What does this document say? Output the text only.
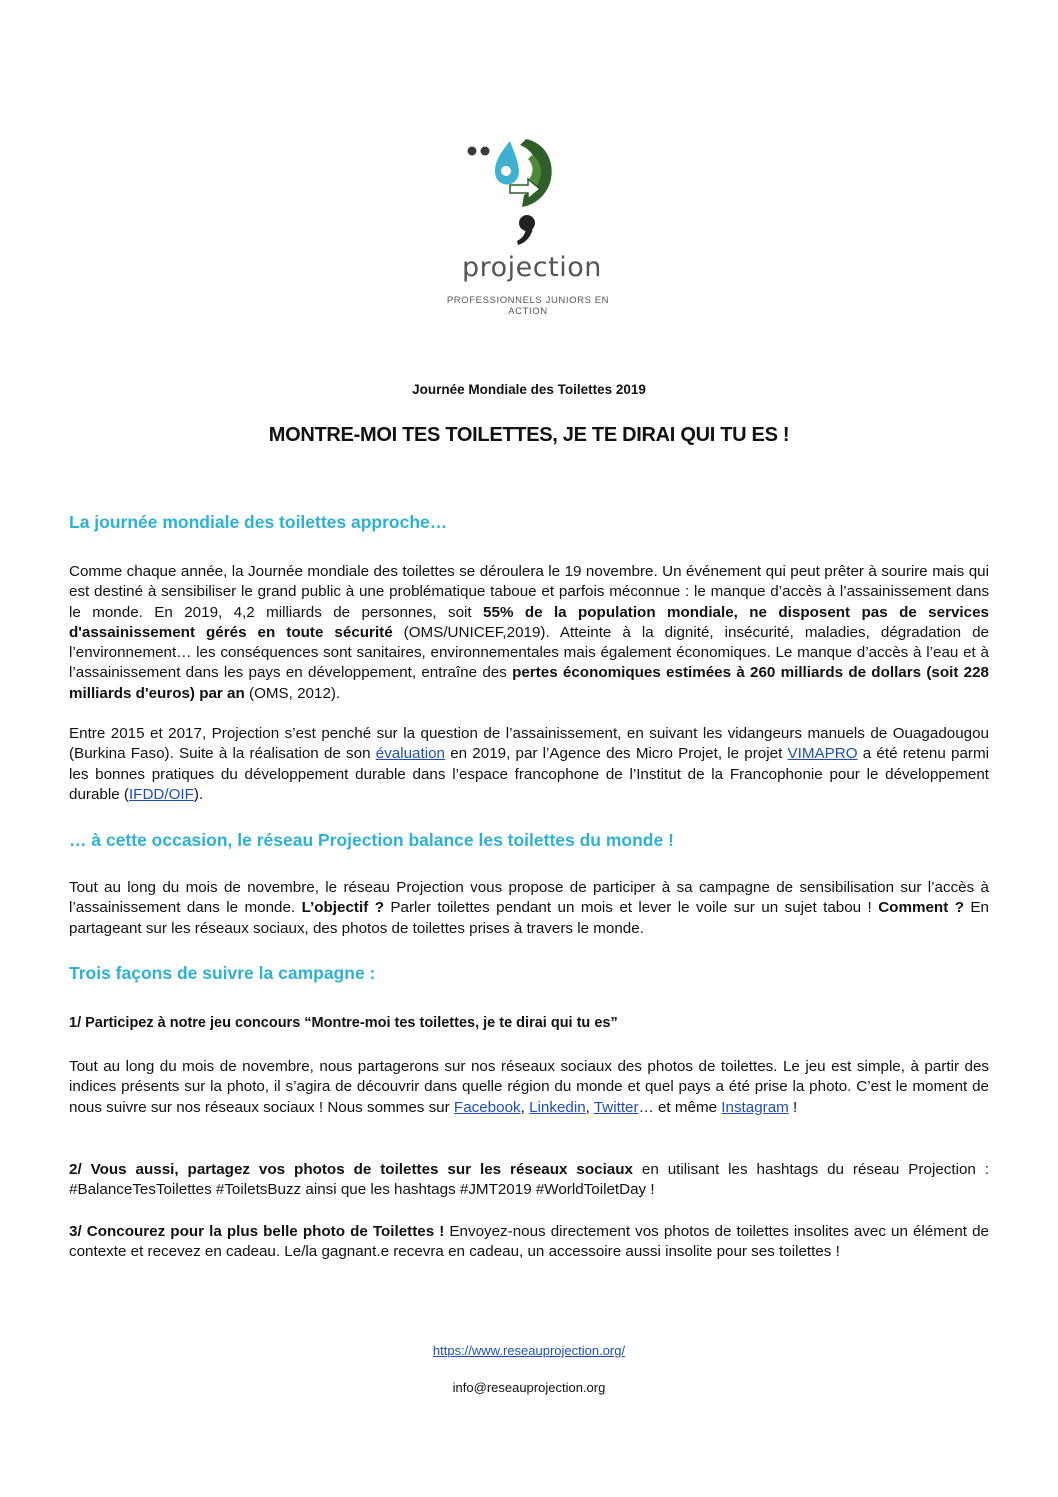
projection
PROFESSIONNELS JUNIORS EN ACTION
Journée Mondiale des Toilettes 2019
MONTRE-MOI TES TOILETTES, JE TE DIRAI QUI TU ES !
La journée mondiale des toilettes approche…

Comme chaque année, la Journée mondiale des toilettes se déroulera le 19 novembre. Un événement qui peut prêter à sourire mais qui est destiné à sensibiliser le grand public à une problématique taboue et parfois méconnue : le manque d’accès à l’assainissement dans le monde. En 2019, 4,2 milliards de personnes, soit 55% de la population mondiale, ne disposent pas de services d'assainissement gérés en toute sécurité (OMS/UNICEF,2019). Atteinte à la dignité, insécurité, maladies, dégradation de l’environnement… les conséquences sont sanitaires, environnementales mais également économiques. Le manque d’accès à l’eau et à l’assainissement dans les pays en développement, entraîne des pertes économiques estimées à 260 milliards de dollars (soit 228 milliards d'euros) par an (OMS, 2012).

Entre 2015 et 2017, Projection s’est penché sur la question de l’assainissement, en suivant les vidangeurs manuels de Ouagadougou (Burkina Faso). Suite à la réalisation de son évaluation en 2019, par l’Agence des Micro Projet, le projet VIMAPRO a été retenu parmi les bonnes pratiques du développement durable dans l’espace francophone de l’Institut de la Francophonie pour le développement durable (IFDD/OIF).

… à cette occasion, le réseau Projection balance les toilettes du monde !

Tout au long du mois de novembre, le réseau Projection vous propose de participer à sa campagne de sensibilisation sur l’accès à l’assainissement dans le monde. L’objectif ? Parler toilettes pendant un mois et lever le voile sur un sujet tabou ! Comment ? En partageant sur les réseaux sociaux, des photos de toilettes prises à travers le monde.

Trois façons de suivre la campagne :
1/ Participez à notre jeu concours “Montre-moi tes toilettes, je te dirai qui tu es”

Tout au long du mois de novembre, nous partagerons sur nos réseaux sociaux des photos de toilettes. Le jeu est simple, à partir des indices présents sur la photo, il s’agira de découvrir dans quelle région du monde et quel pays a été prise la photo. C’est le moment de nous suivre sur nos réseaux sociaux ! Nous sommes sur Facebook, Linkedin, Twitter… et même Instagram !

2/ Vous aussi, partagez vos photos de toilettes sur les réseaux sociaux en utilisant les hashtags du réseau Projection : #BalanceTesToilettes #ToiletsBuzz ainsi que les hashtags #JMT2019 #WorldToiletDay !

3/ Concourez pour la plus belle photo de Toilettes ! Envoyez-nous directement vos photos de toilettes insolites avec un élément de contexte et recevez en cadeau. Le/la gagnant.e recevra en cadeau, un accessoire aussi insolite pour ses toilettes !

https://www.reseauprojection.org/
info@reseauprojection.org
